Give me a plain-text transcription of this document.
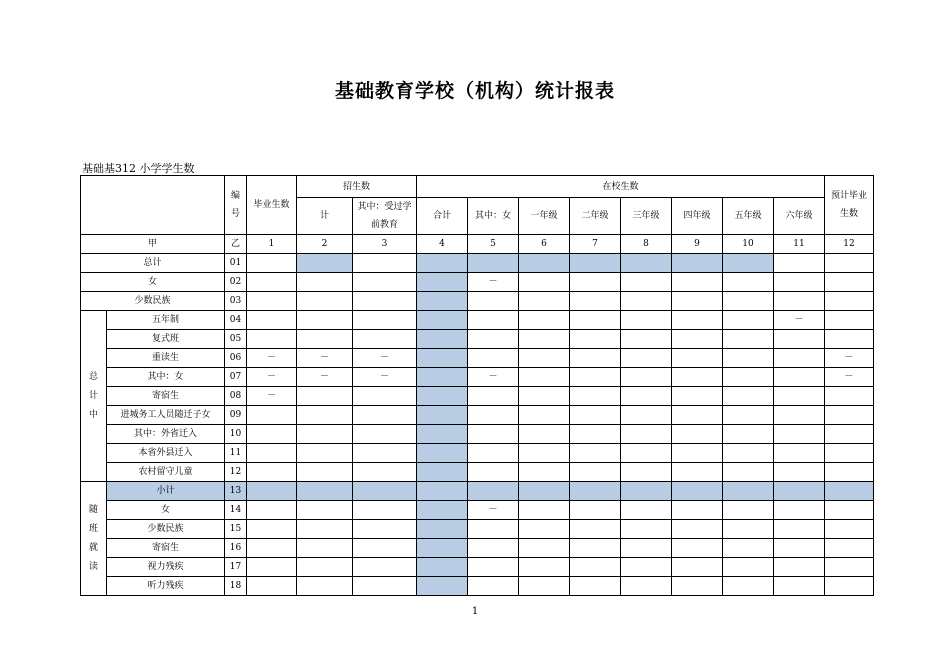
基础教育学校（机构）统计报表
基础基312 小学学生数
		编号	毕业生数	招生数		在校生数								预计毕业生数
				计	其中：受过学前教育	合计	其中：女	一年级	二年级	三年级	四年级	五年级	六年级	
甲		乙	1	2	3	4	5	6	7	8	9	10	11	12
总计		01												
女		02					－							
少数民族		03												
总计中	五年制	04											－	
	复式班	05												
	重读生	06	－	－	－									－
	其中：女	07	－	－	－		－							－
	寄宿生	08	－											
	进城务工人员随迁子女	09												
	其中：外省迁入	10												
	本省外县迁入	11												
	农村留守儿童	12												
随班就读	小计	13												
	女	14					－							
	少数民族	15												
	寄宿生	16												
	视力残疾	17												
	听力残疾	18												
1
